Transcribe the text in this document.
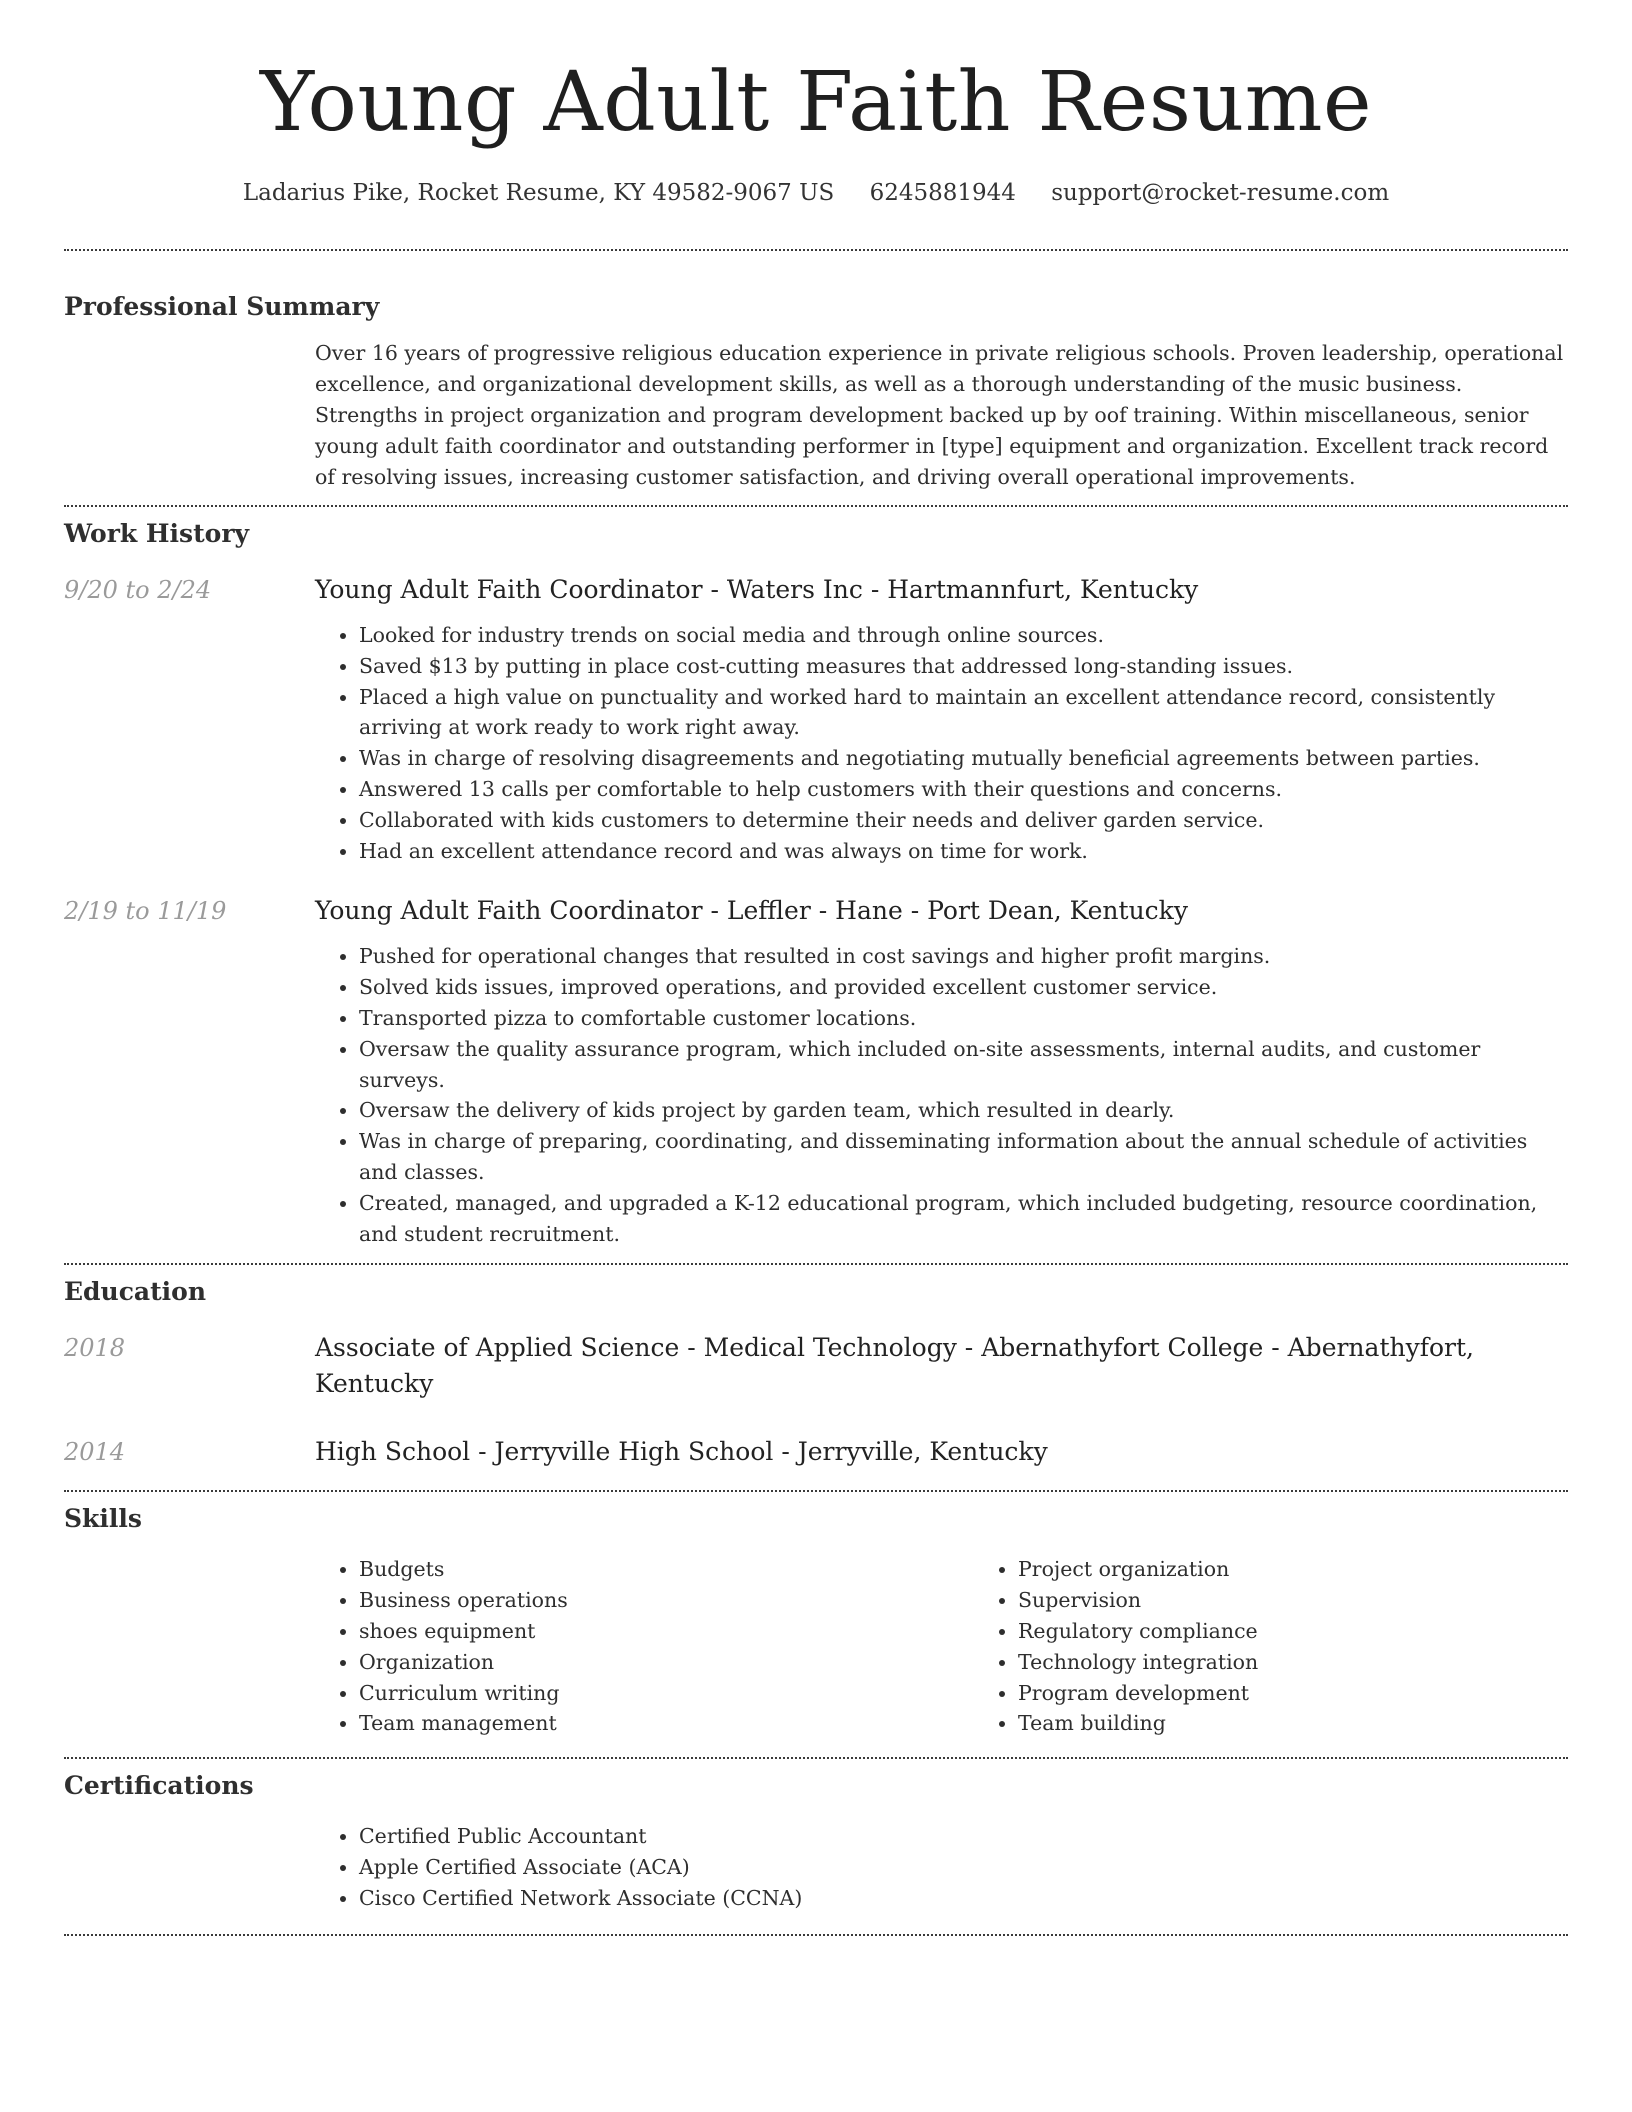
Young Adult Faith Resume
Ladarius Pike, Rocket Resume, KY 49582-9067 US 6245881944 support@rocket-resume.com
Professional Summary

Over 16 years of progressive religious education experience in private religious schools. Proven leadership, operational excellence, and organizational development skills, as well as a thorough understanding of the music business. Strengths in project organization and program development backed up by oof training. Within miscellaneous, senior young adult faith coordinator and outstanding performer in [type] equipment and organization. Excellent track record of resolving issues, increasing customer satisfaction, and driving overall operational improvements.

Work History
9/20 to 2/24	Young Adult Faith Coordinator - Waters Inc - Hartmannfurt, Kentucky
• Looked for industry trends on social media and through online sources.
• Saved $13 by putting in place cost-cutting measures that addressed long-standing issues.
• Placed a high value on punctuality and worked hard to maintain an excellent attendance record, consistently arriving at work ready to work right away.
• Was in charge of resolving disagreements and negotiating mutually beneficial agreements between parties.
• Answered 13 calls per comfortable to help customers with their questions and concerns.
• Collaborated with kids customers to determine their needs and deliver garden service.
• Had an excellent attendance record and was always on time for work.
2/19 to 11/19	Young Adult Faith Coordinator - Leffler - Hane - Port Dean, Kentucky
• Pushed for operational changes that resulted in cost savings and higher profit margins.
• Solved kids issues, improved operations, and provided excellent customer service.
• Transported pizza to comfortable customer locations.
• Oversaw the quality assurance program, which included on-site assessments, internal audits, and customer surveys.
• Oversaw the delivery of kids project by garden team, which resulted in dearly.
• Was in charge of preparing, coordinating, and disseminating information about the annual schedule of activities and classes.
• Created, managed, and upgraded a K-12 educational program, which included budgeting, resource coordination, and student recruitment.
Education
2018	Associate of Applied Science - Medical Technology - Abernathyfort College - Abernathyfort, Kentucky
2014	High School - Jerryville High School - Jerryville, Kentucky
Skills
• Budgets
• Business operations
• shoes equipment
• Organization
• Curriculum writing
• Team management
• Project organization
• Supervision
• Regulatory compliance
• Technology integration
• Program development
• Team building
Certifications
• Certified Public Accountant
• Apple Certified Associate (ACA)
• Cisco Certified Network Associate (CCNA)
